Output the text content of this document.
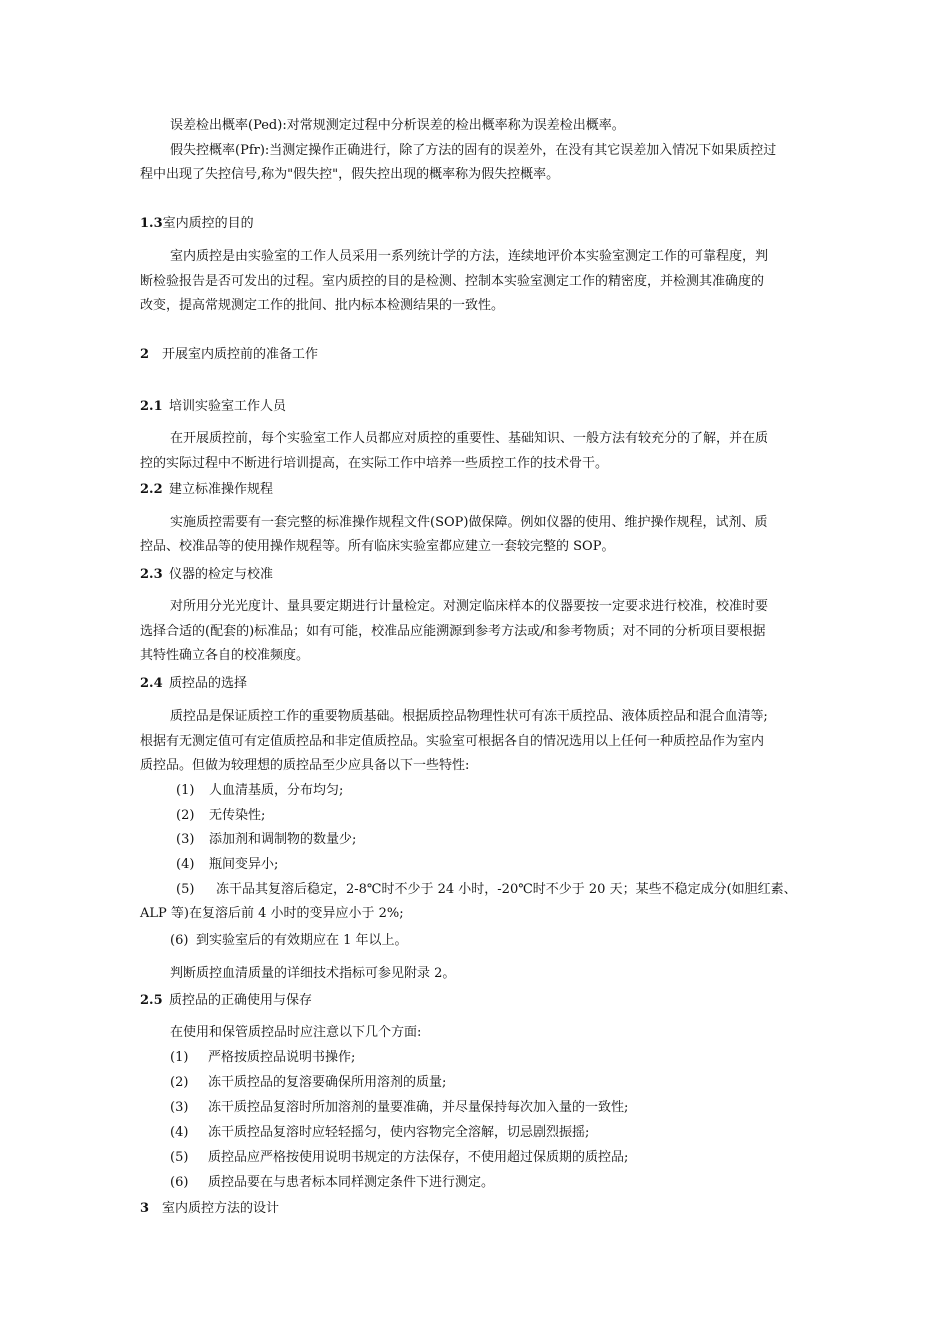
误差检出概率(Ped):对常规测定过程中分析误差的检出概率称为误差检出概率。
假失控概率(Pfr):当测定操作正确进行，除了方法的固有的误差外，在没有其它误差加入情况下如果质控过
程中出现了失控信号,称为"假失控"，假失控出现的概率称为假失控概率。
1.3室内质控的目的
室内质控是由实验室的工作人员采用一系列统计学的方法，连续地评价本实验室测定工作的可靠程度，判
断检验报告是否可发出的过程。室内质控的目的是检测、控制本实验室测定工作的精密度，并检测其准确度的
改变，提高常规测定工作的批间、批内标本检测结果的一致性。
2 开展室内质控前的准备工作
2.1 培训实验室工作人员
在开展质控前，每个实验室工作人员都应对质控的重要性、基础知识、一般方法有较充分的了解，并在质
控的实际过程中不断进行培训提高，在实际工作中培养一些质控工作的技术骨干。
2.2 建立标准操作规程
实施质控需要有一套完整的标准操作规程文件(SOP)做保障。例如仪器的使用、维护操作规程，试剂、质
控品、校准品等的使用操作规程等。所有临床实验室都应建立一套较完整的 SOP。
2.3 仪器的检定与校准
对所用分光光度计、量具要定期进行计量检定。对测定临床样本的仪器要按一定要求进行校准，校准时要
选择合适的(配套的)标准品；如有可能，校准品应能溯源到参考方法或/和参考物质；对不同的分析项目要根据
其特性确立各自的校准频度。
2.4 质控品的选择
质控品是保证质控工作的重要物质基础。根据质控品物理性状可有冻干质控品、液体质控品和混合血清等;
根据有无测定值可有定值质控品和非定值质控品。实验室可根据各自的情况选用以上任何一种质控品作为室内
质控品。但做为较理想的质控品至少应具备以下一些特性:
(1) 人血清基质，分布均匀;
(2) 无传染性;
(3) 添加剂和调制物的数量少;
(4) 瓶间变异小;
(5) 冻干品其复溶后稳定，2-8℃时不少于 24 小时，-20℃时不少于 20 天；某些不稳定成分(如胆红素、
ALP 等)在复溶后前 4 小时的变异应小于 2%;
(6) 到实验室后的有效期应在 1 年以上。
判断质控血清质量的详细技术指标可参见附录 2。
2.5 质控品的正确使用与保存
在使用和保管质控品时应注意以下几个方面:
(1) 严格按质控品说明书操作;
(2) 冻干质控品的复溶要确保所用溶剂的质量;
(3) 冻干质控品复溶时所加溶剂的量要准确，并尽量保持每次加入量的一致性;
(4) 冻干质控品复溶时应轻轻摇匀，使内容物完全溶解，切忌剧烈振摇;
(5) 质控品应严格按使用说明书规定的方法保存，不使用超过保质期的质控品;
(6) 质控品要在与患者标本同样测定条件下进行测定。
3 室内质控方法的设计
